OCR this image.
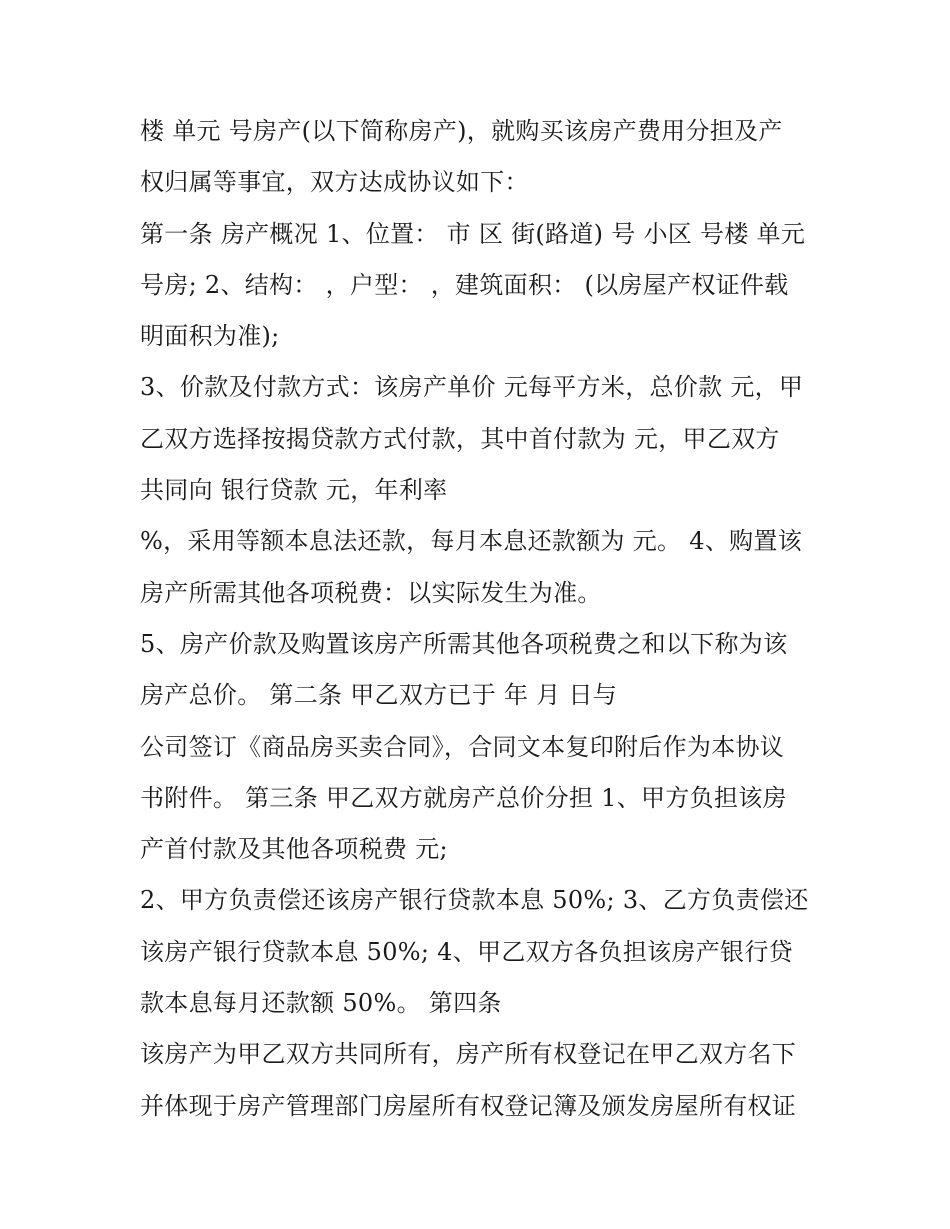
楼 单元 号房产(以下简称房产)，就购买该房产费用分担及产
权归属等事宜，双方达成协议如下：
第一条 房产概况 1、位置： 市 区 街(路道) 号 小区 号楼 单元
号房; 2、结构： ，户型： ，建筑面积： (以房屋产权证件载
明面积为准);
3、价款及付款方式：该房产单价 元每平方米，总价款 元，甲
乙双方选择按揭贷款方式付款，其中首付款为 元，甲乙双方
共同向 银行贷款 元，年利率
%，采用等额本息法还款，每月本息还款额为 元。 4、购置该
房产所需其他各项税费：以实际发生为准。
5、房产价款及购置该房产所需其他各项税费之和以下称为该
房产总价。 第二条 甲乙双方已于 年 月 日与
公司签订《商品房买卖合同》，合同文本复印附后作为本协议
书附件。 第三条 甲乙双方就房产总价分担 1、甲方负担该房
产首付款及其他各项税费 元;
2、甲方负责偿还该房产银行贷款本息 50%; 3、乙方负责偿还
该房产银行贷款本息 50%; 4、甲乙双方各负担该房产银行贷
款本息每月还款额 50%。 第四条
该房产为甲乙双方共同所有，房产所有权登记在甲乙双方名下
并体现于房产管理部门房屋所有权登记簿及颁发房屋所有权证
